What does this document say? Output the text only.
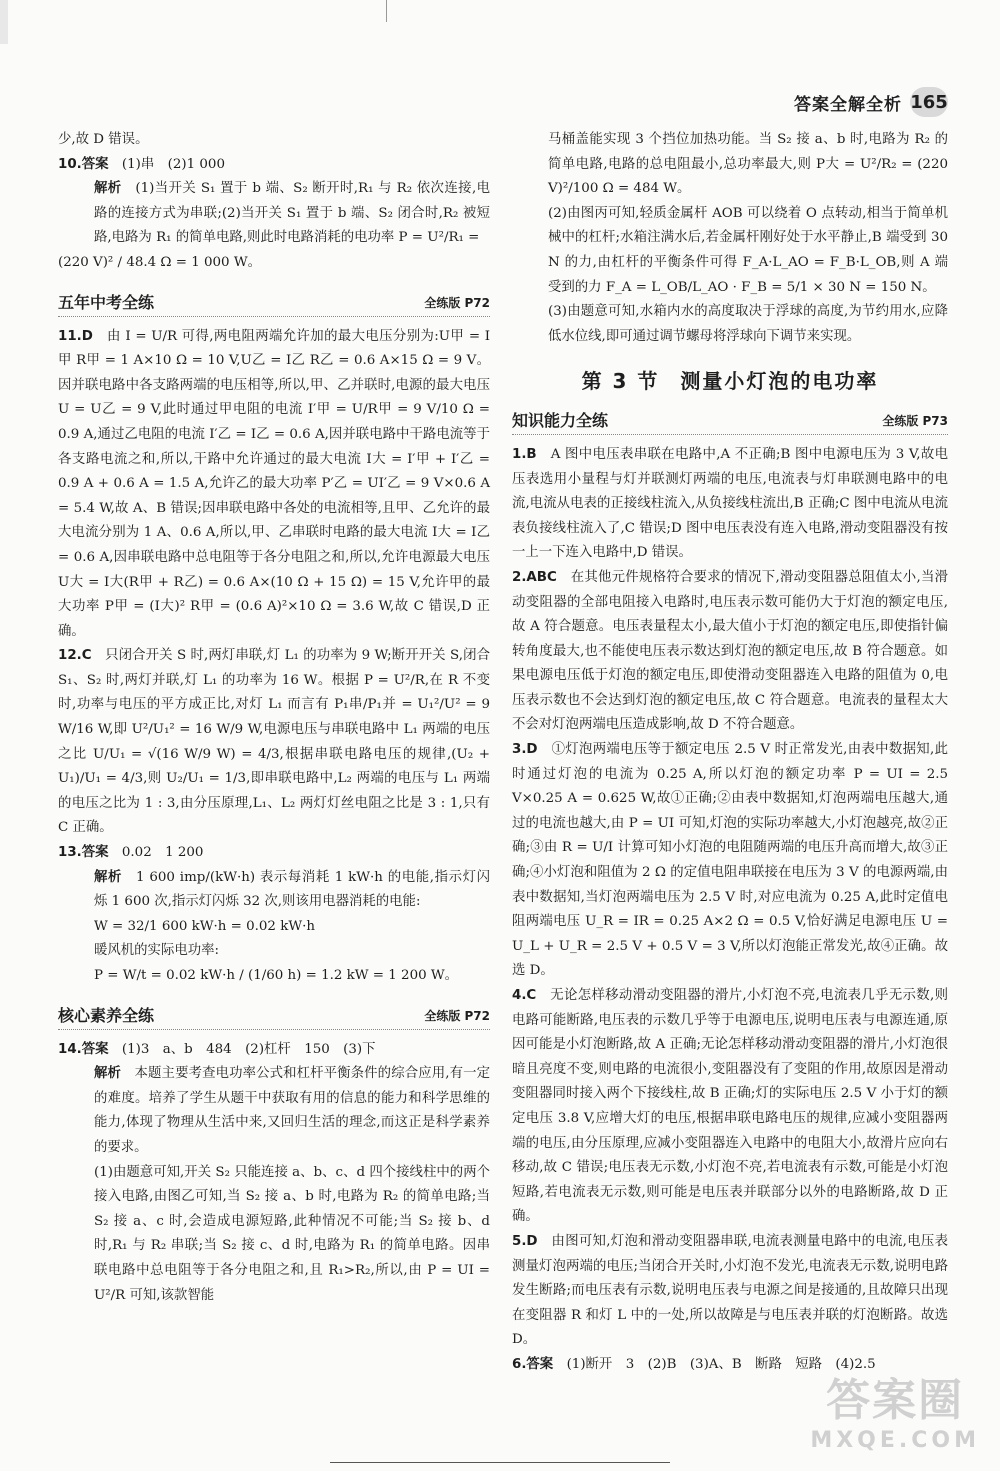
答案全解全析 165
少,故 D 错误。
10.答案　(1)串　(2)1 000
解析　(1)当开关 S₁ 置于 b 端、S₂ 断开时,R₁ 与 R₂ 依次连接,电路的连接方式为串联;(2)当开关 S₁ 置于 b 端、S₂ 闭合时,R₂ 被短路,电路为 R₁ 的简单电路,则此时电路消耗的电功率 P = U²/R₁ =
(220 V)² / 48.4 Ω = 1 000 W。
五年中考全练	全练版 P72
11.D　由 I = U/R 可得,两电阻两端允许加的最大电压分别为:U甲 = I甲 R甲 = 1 A×10 Ω = 10 V,U乙 = I乙 R乙 = 0.6 A×15 Ω = 9 V。因并联电路中各支路两端的电压相等,所以,甲、乙并联时,电源的最大电压 U = U乙 = 9 V,此时通过甲电阻的电流 I′甲 = U/R甲 = 9 V/10 Ω = 0.9 A,通过乙电阻的电流 I′乙 = I乙 = 0.6 A,因并联电路中干路电流等于各支路电流之和,所以,干路中允许通过的最大电流 I大 = I′甲 + I′乙 = 0.9 A + 0.6 A = 1.5 A,允许乙的最大功率 P′乙 = UI′乙 = 9 V×0.6 A = 5.4 W,故 A、B 错误;因串联电路中各处的电流相等,且甲、乙允许的最大电流分别为 1 A、0.6 A,所以,甲、乙串联时电路的最大电流 I大 = I乙 = 0.6 A,因串联电路中总电阻等于各分电阻之和,所以,允许电源最大电压 U大 = I大(R甲 + R乙) = 0.6 A×(10 Ω + 15 Ω) = 15 V,允许甲的最大功率 P甲 = (I大)² R甲 = (0.6 A)²×10 Ω = 3.6 W,故 C 错误,D 正确。
12.C　只闭合开关 S 时,两灯串联,灯 L₁ 的功率为 9 W;断开开关 S,闭合 S₁、S₂ 时,两灯并联,灯 L₁ 的功率为 16 W。根据 P = U²/R,在 R 不变时,功率与电压的平方成正比,对灯 L₁ 而言有 P₁串/P₁并 = U₁²/U² = 9 W/16 W,即 U²/U₁² = 16 W/9 W,电源电压与串联电路中 L₁ 两端的电压之比 U/U₁ = √(16 W/9 W) = 4/3,根据串联电路电压的规律,(U₂ + U₁)/U₁ = 4/3,则 U₂/U₁ = 1/3,即串联电路中,L₂ 两端的电压与 L₁ 两端的电压之比为 1 : 3,由分压原理,L₁、L₂ 两灯灯丝电阻之比是 3 : 1,只有 C 正确。
13.答案　0.02　1 200
解析　1 600 imp/(kW·h) 表示每消耗 1 kW·h 的电能,指示灯闪烁 1 600 次,指示灯闪烁 32 次,则该用电器消耗的电能:
W = 32/1 600 kW·h = 0.02 kW·h
暖风机的实际电功率:
P = W/t = 0.02 kW·h / (1/60 h) = 1.2 kW = 1 200 W。
核心素养全练	全练版 P72
14.答案　(1)3　a、b　484　(2)杠杆　150　(3)下
解析　本题主要考查电功率公式和杠杆平衡条件的综合应用,有一定的难度。培养了学生从题干中获取有用的信息的能力和科学思维的能力,体现了物理从生活中来,又回归生活的理念,而这正是科学素养的要求。
(1)由题意可知,开关 S₂ 只能连接 a、b、c、d 四个接线柱中的两个接入电路,由图乙可知,当 S₂ 接 a、b 时,电路为 R₂ 的简单电路;当 S₂ 接 a、c 时,会造成电源短路,此种情况不可能;当 S₂ 接 b、d 时,R₁ 与 R₂ 串联;当 S₂ 接 c、d 时,电路为 R₁ 的简单电路。因串联电路中总电阻等于各分电阻之和,且 R₁>R₂,所以,由 P = UI = U²/R 可知,该款智能
马桶盖能实现 3 个挡位加热功能。当 S₂ 接 a、b 时,电路为 R₂ 的简单电路,电路的总电阻最小,总功率最大,则 P大 = U²/R₂ = (220 V)²/100 Ω = 484 W。
(2)由图丙可知,轻质金属杆 AOB 可以绕着 O 点转动,相当于简单机械中的杠杆;水箱注满水后,若金属杆刚好处于水平静止,B 端受到 30 N 的力,由杠杆的平衡条件可得 F_A·L_AO = F_B·L_OB,则 A 端受到的力 F_A = L_OB/L_AO · F_B = 5/1 × 30 N = 150 N。
(3)由题意可知,水箱内水的高度取决于浮球的高度,为节约用水,应降低水位线,即可通过调节螺母将浮球向下调节来实现。
第 3 节 测量小灯泡的电功率
知识能力全练	全练版 P73
1.B　A 图中电压表串联在电路中,A 不正确;B 图中电源电压为 3 V,故电压表选用小量程与灯并联测灯两端的电压,电流表与灯串联测电路中的电流,电流从电表的正接线柱流入,从负接线柱流出,B 正确;C 图中电流从电流表负接线柱流入了,C 错误;D 图中电压表没有连入电路,滑动变阻器没有按一上一下连入电路中,D 错误。
2.ABC　在其他元件规格符合要求的情况下,滑动变阻器总阻值太小,当滑动变阻器的全部电阻接入电路时,电压表示数可能仍大于灯泡的额定电压,故 A 符合题意。电压表量程太小,最大值小于灯泡的额定电压,即使指针偏转角度最大,也不能使电压表示数达到灯泡的额定电压,故 B 符合题意。如果电源电压低于灯泡的额定电压,即使滑动变阻器连入电路的阻值为 0,电压表示数也不会达到灯泡的额定电压,故 C 符合题意。电流表的量程太大不会对灯泡两端电压造成影响,故 D 不符合题意。
3.D　①灯泡两端电压等于额定电压 2.5 V 时正常发光,由表中数据知,此时通过灯泡的电流为 0.25 A,所以灯泡的额定功率 P = UI = 2.5 V×0.25 A = 0.625 W,故①正确;②由表中数据知,灯泡两端电压越大,通过的电流也越大,由 P = UI 可知,灯泡的实际功率越大,小灯泡越亮,故②正确;③由 R = U/I 计算可知小灯泡的电阻随两端的电压升高而增大,故③正确;④小灯泡和阻值为 2 Ω 的定值电阻串联接在电压为 3 V 的电源两端,由表中数据知,当灯泡两端电压为 2.5 V 时,对应电流为 0.25 A,此时定值电阻两端电压 U_R = IR = 0.25 A×2 Ω = 0.5 V,恰好满足电源电压 U = U_L + U_R = 2.5 V + 0.5 V = 3 V,所以灯泡能正常发光,故④正确。故选 D。
4.C　无论怎样移动滑动变阻器的滑片,小灯泡不亮,电流表几乎无示数,则电路可能断路,电压表的示数几乎等于电源电压,说明电压表与电源连通,原因可能是小灯泡断路,故 A 正确;无论怎样移动滑动变阻器的滑片,小灯泡很暗且亮度不变,则电路的电流很小,变阻器没有了变阻的作用,故原因是滑动变阻器同时接入两个下接线柱,故 B 正确;灯的实际电压 2.5 V 小于灯的额定电压 3.8 V,应增大灯的电压,根据串联电路电压的规律,应减小变阻器两端的电压,由分压原理,应减小变阻器连入电路中的电阻大小,故滑片应向右移动,故 C 错误;电压表无示数,小灯泡不亮,若电流表有示数,可能是小灯泡短路,若电流表无示数,则可能是电压表并联部分以外的电路断路,故 D 正确。
5.D　由图可知,灯泡和滑动变阻器串联,电流表测量电路中的电流,电压表测量灯泡两端的电压;当闭合开关时,小灯泡不发光,电流表无示数,说明电路发生断路;而电压表有示数,说明电压表与电源之间是接通的,且故障只出现在变阻器 R 和灯 L 中的一处,所以故障是与电压表并联的灯泡断路。故选 D。
6.答案　(1)断开　3　(2)B　(3)A、B　断路　短路　(4)2.5
答案圈
MXQE.COM
